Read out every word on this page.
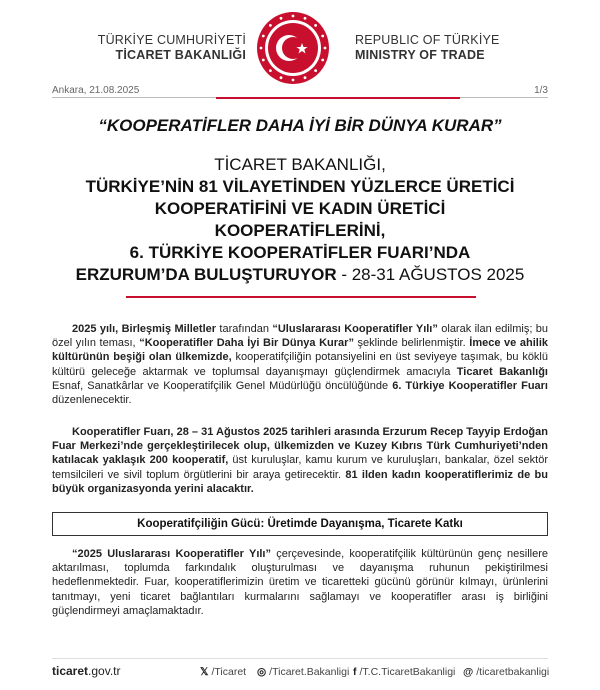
TÜRKİYE CUMHURİYETİ
TİCARET BAKANLIĞI
REPUBLIC OF TÜRKİYE
MINISTRY OF TRADE
Ankara, 21.08.2025	1/3
“KOOPERATİFLER DAHA İYİ BİR DÜNYA KURAR”
TİCARET BAKANLIĞI,
TÜRKİYE’NİN 81 VİLAYETİNDEN YÜZLERCE ÜRETİCİ
KOOPERATİFİNİ VE KADIN ÜRETİCİ
KOOPERATİFLERİNİ,
6. TÜRKİYE KOOPERATİFLER FUARI’NDA
ERZURUM’DA BULUŞTURUYOR - 28-31 AĞUSTOS 2025
2025 yılı, Birleşmiş Milletler tarafından “Uluslararası Kooperatifler Yılı” olarak ilan edilmiş; bu özel yılın teması, “Kooperatifler Daha İyi Bir Dünya Kurar” şeklinde belirlenmiştir. İmece ve ahilik kültürünün beşiği olan ülkemizde, kooperatifçiliğin potansiyelini en üst seviyeye taşımak, bu köklü kültürü geleceğe aktarmak ve toplumsal dayanışmayı güçlendirmek amacıyla Ticaret Bakanlığı Esnaf, Sanatkârlar ve Kooperatifçilik Genel Müdürlüğü öncülüğünde 6. Türkiye Kooperatifler Fuarı düzenlenecektir.
Kooperatifler Fuarı, 28 – 31 Ağustos 2025 tarihleri arasında Erzurum Recep Tayyip Erdoğan Fuar Merkezi’nde gerçekleştirilecek olup, ülkemizden ve Kuzey Kıbrıs Türk Cumhuriyeti’nden katılacak yaklaşık 200 kooperatif, üst kuruluşlar, kamu kurum ve kuruluşları, bankalar, özel sektör temsilcileri ve sivil toplum örgütlerini bir araya getirecektir. 81 ilden kadın kooperatiflerimiz de bu büyük organizasyonda yerini alacaktır.
Kooperatifçiliğin Gücü: Üretimde Dayanışma, Ticarete Katkı
“2025 Uluslararası Kooperatifler Yılı” çerçevesinde, kooperatifçilik kültürünün genç nesillere aktarılması, toplumda farkındalık oluşturulması ve dayanışma ruhunun pekiştirilmesi hedeflenmektedir. Fuar, kooperatiflerimizin üretim ve ticaretteki gücünü görünür kılmayı, ürünlerini tanıtmayı, yeni ticaret bağlantıları kurmalarını sağlamayı ve kooperatifler arası iş birliğini güçlendirmeyi amaçlamaktadır.
ticaret.gov.tr	𝕏 /Ticaret ◎ /Ticaret.Bakanligi f /T.C.TicaretBakanligi @ /ticaretbakanligi
